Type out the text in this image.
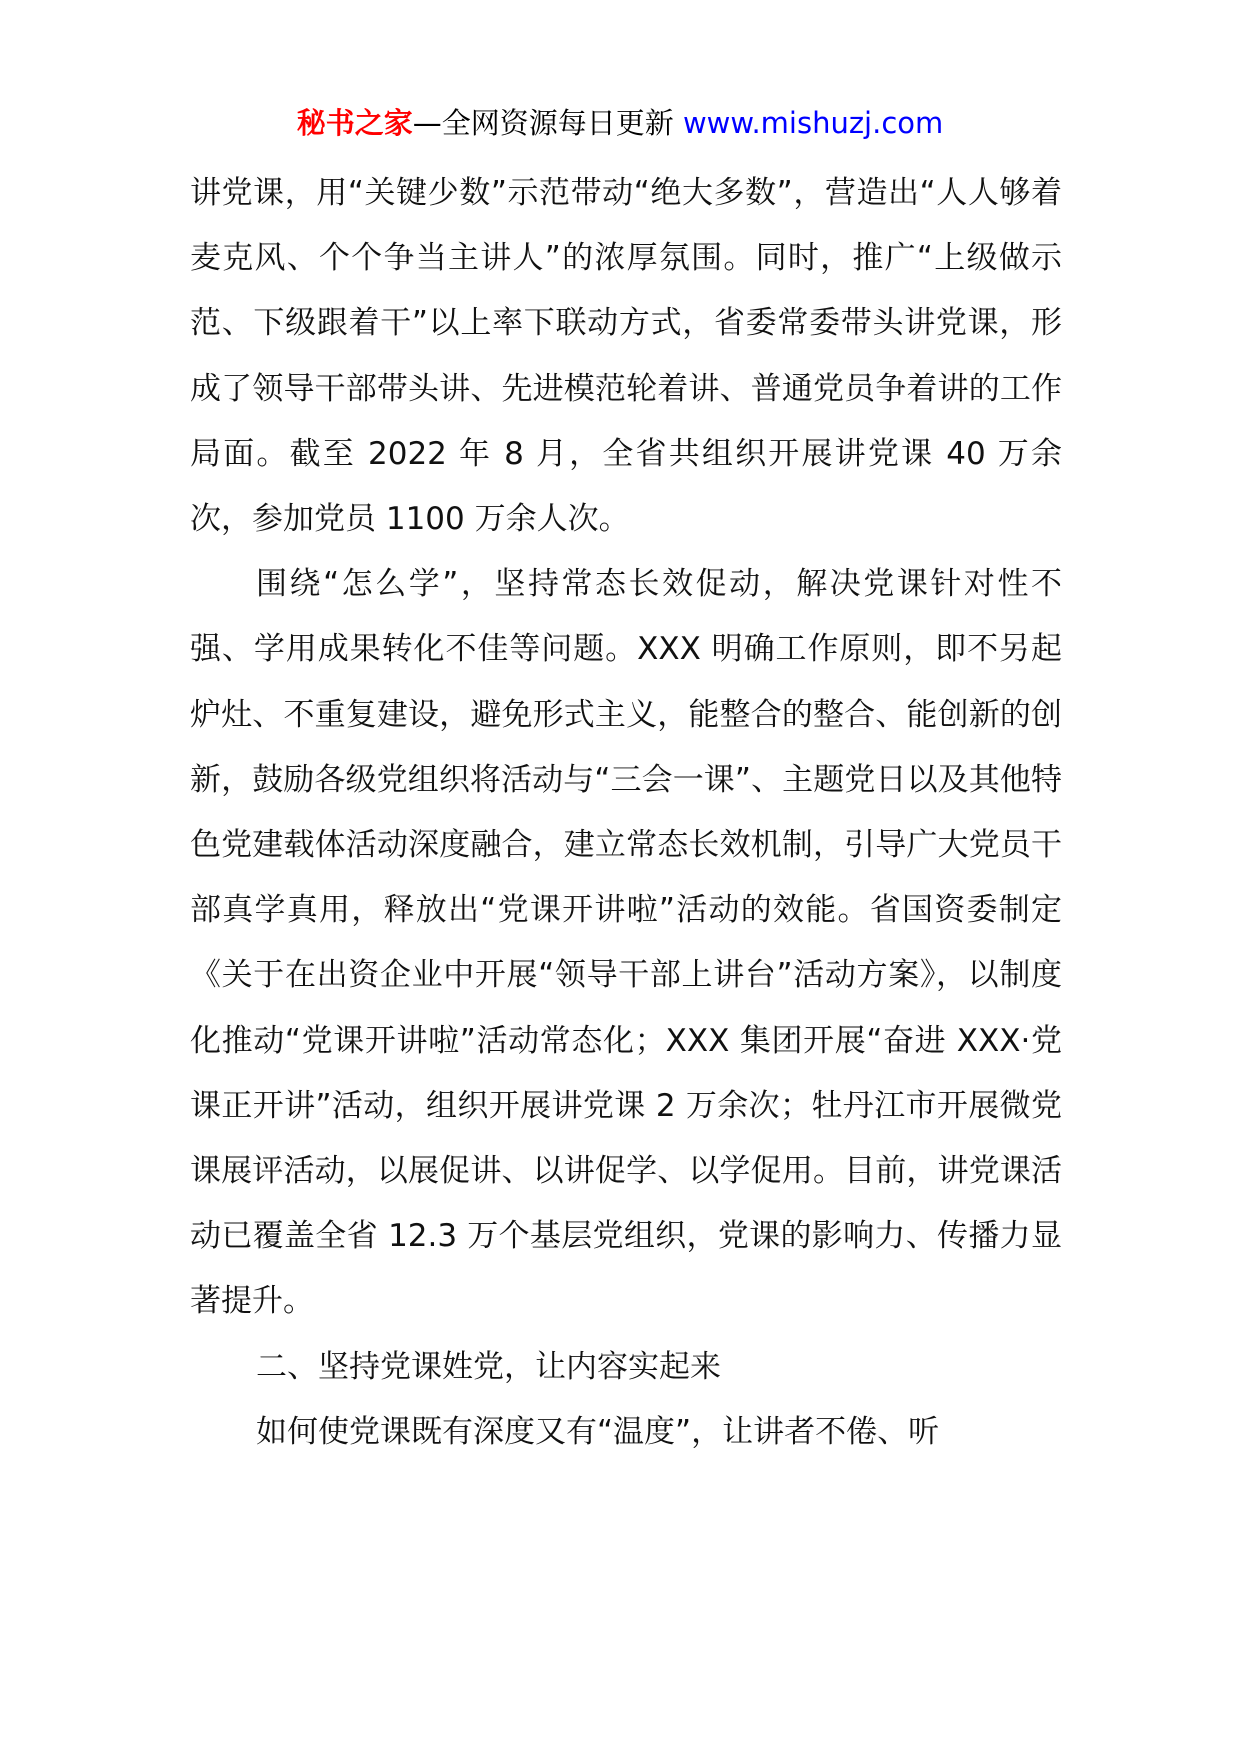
秘书之家—全网资源每日更新 www.mishuzj.com

讲党课，用“关键少数”示范带动“绝大多数”，营造出“人人够着麦克风、个个争当主讲人”的浓厚氛围。同时，推广“上级做示范、下级跟着干”以上率下联动方式，省委常委带头讲党课，形成了领导干部带头讲、先进模范轮着讲、普通党员争着讲的工作局面。截至 2022 年 8 月，全省共组织开展讲党课 40 万余次，参加党员 1100 万余人次。

围绕“怎么学”，坚持常态长效促动，解决党课针对性不强、学用成果转化不佳等问题。XXX 明确工作原则，即不另起炉灶、不重复建设，避免形式主义，能整合的整合、能创新的创新，鼓励各级党组织将活动与“三会一课”、主题党日以及其他特色党建载体活动深度融合，建立常态长效机制，引导广大党员干部真学真用，释放出“党课开讲啦”活动的效能。省国资委制定《关于在出资企业中开展“领导干部上讲台”活动方案》，以制度化推动“党课开讲啦”活动常态化；XXX 集团开展“奋进 XXX·党课正开讲”活动，组织开展讲党课 2 万余次；牡丹江市开展微党课展评活动，以展促讲、以讲促学、以学促用。目前，讲党课活动已覆盖全省 12.3 万个基层党组织，党课的影响力、传播力显著提升。

二、坚持党课姓党，让内容实起来

如何使党课既有深度又有“温度”，让讲者不倦、听
